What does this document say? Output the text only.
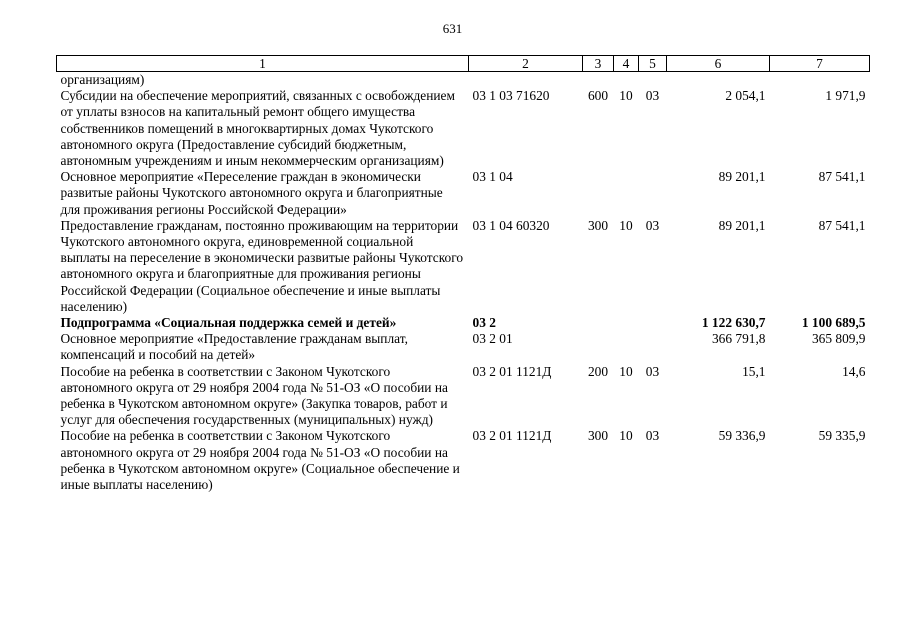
631
1	2	3	4	5	6	7
организациям)						
Субсидии на обеспечение мероприятий, связанных с освобождением от уплаты взносов на капитальный ремонт общего имущества собственников помещений в многоквартирных домах Чукотского автономного округа (Предоставление субсидий бюджетным, автономным учреждениям и иным некоммерческим организациям)	03 1 03 71620	600	10	03	2 054,1	1 971,9
Основное мероприятие «Переселение граждан в экономически развитые районы Чукотского автономного округа и благоприятные для проживания регионы Российской Федерации»	03 1 04				89 201,1	87 541,1
Предоставление гражданам, постоянно проживающим на территории Чукотского автономного округа, единовременной социальной выплаты на переселение в экономически развитые районы Чукотского автономного округа и благоприятные для проживания регионы Российской Федерации (Социальное обеспечение и иные выплаты населению)	03 1 04 60320	300	10	03	89 201,1	87 541,1
Подпрограмма «Социальная поддержка семей и детей»	03 2				1 122 630,7	1 100 689,5
Основное мероприятие «Предоставление гражданам выплат, компенсаций и пособий на детей»	03 2 01				366 791,8	365 809,9
Пособие на ребенка в соответствии с Законом Чукотского автономного округа от 29 ноября 2004 года № 51-ОЗ «О пособии на ребенка в Чукотском автономном округе» (Закупка товаров, работ и услуг для обеспечения государственных (муниципальных) нужд)	03 2 01 1121Д	200	10	03	15,1	14,6
Пособие на ребенка в соответствии с Законом Чукотского автономного округа от 29 ноября 2004 года № 51-ОЗ «О пособии на ребенка в Чукотском автономном округе» (Социальное обеспечение и иные выплаты населению)	03 2 01 1121Д	300	10	03	59 336,9	59 335,9
